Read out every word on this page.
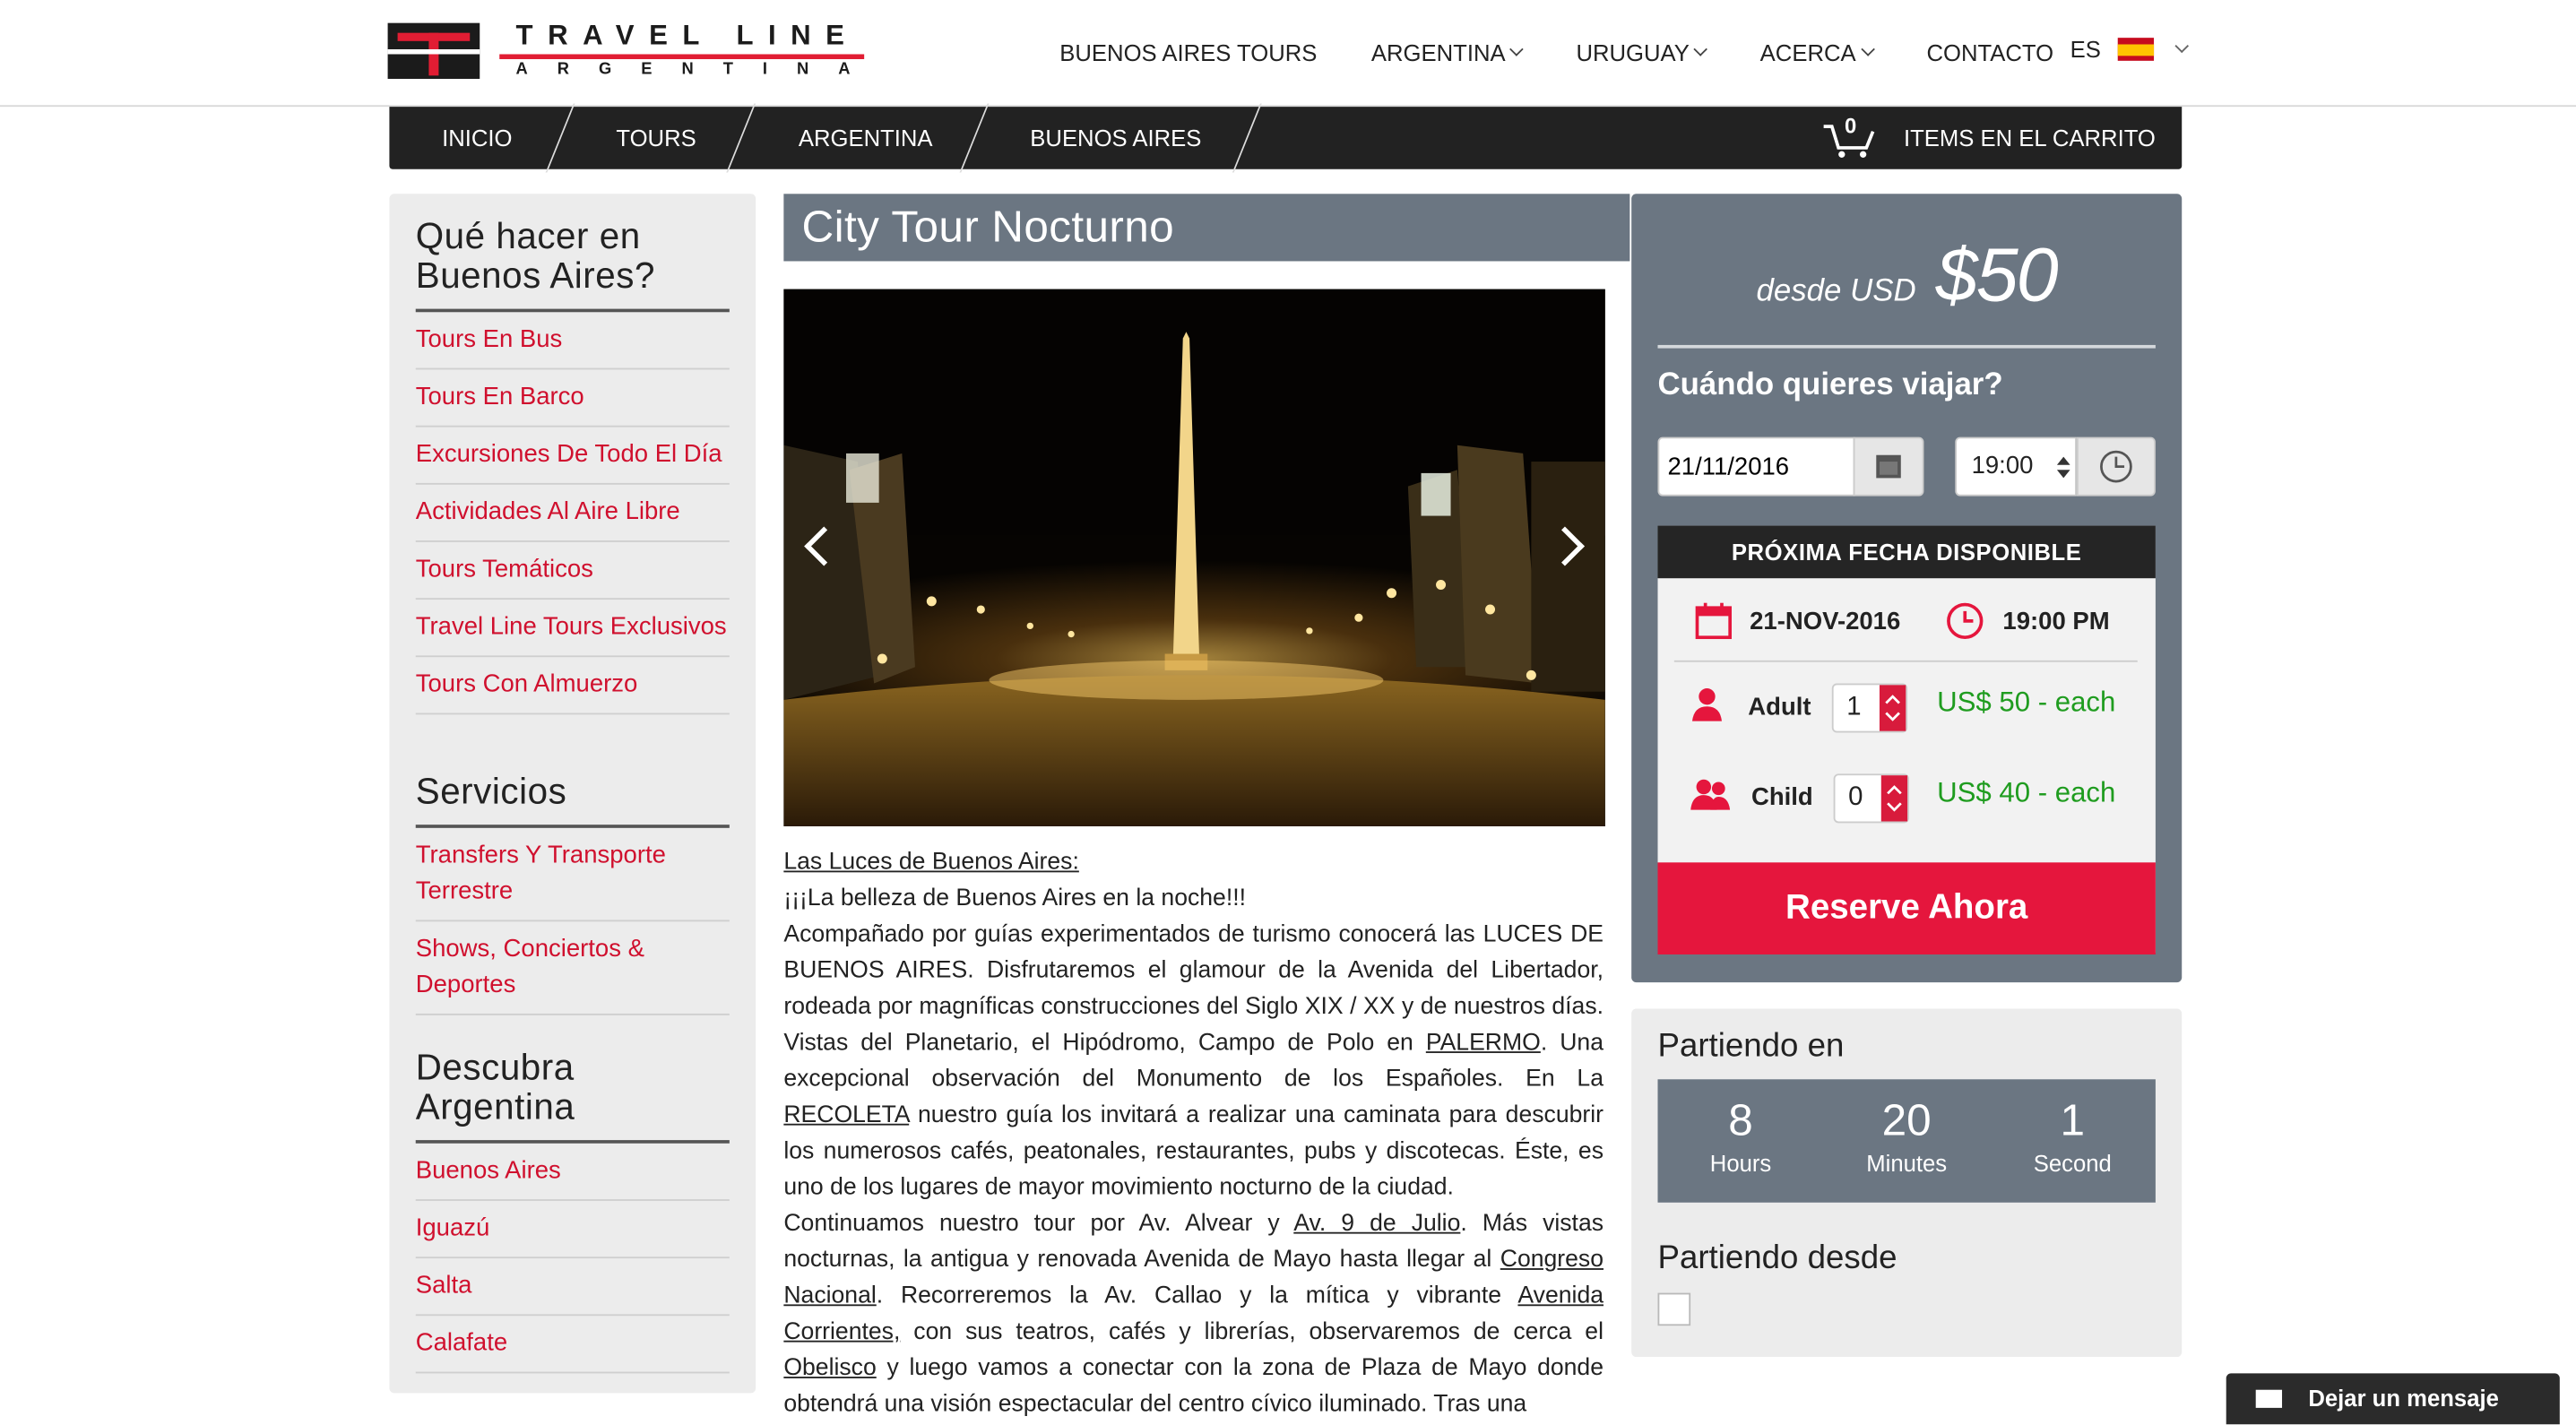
TRAVEL LINE
ARGENTINA
BUENOS AIRES TOURS	ARGENTINA	URUGUAY	ACERCA	CONTACTO ES
INICIO	TOURS	ARGENTINA	BUENOS AIRES	0	ITEMS EN EL CARRITO
Qué hacer en Buenos Aires?
Tours En Bus
Tours En Barco
Excursiones De Todo El Día
Actividades Al Aire Libre
Tours Temáticos
Travel Line Tours Exclusivos
Tours Con Almuerzo
Servicios
Transfers Y Transporte Terrestre
Shows, Conciertos & Deportes
Descubra Argentina
Buenos Aires
Iguazú
Salta
Calafate
City Tour Nocturno
Las Luces de Buenos Aires:
¡¡¡La belleza de Buenos Aires en la noche!!!
Acompañado por guías experimentados de turismo conocerá las LUCES DE BUENOS AIRES. Disfrutaremos el glamour de la Avenida del Libertador, rodeada por magníficas construcciones del Siglo XIX / XX y de nuestros días. Vistas del Planetario, el Hipódromo, Campo de Polo en PALERMO. Una excepcional observación del Monumento de los Españoles. En La RECOLETA nuestro guía los invitará a realizar una caminata para descubrir los numerosos cafés, peatonales, restaurantes, pubs y discotecas. Éste, es uno de los lugares de mayor movimiento nocturno de la ciudad.
Continuamos nuestro tour por Av. Alvear y Av. 9 de Julio. Más vistas nocturnas, la antigua y renovada Avenida de Mayo hasta llegar al Congreso Nacional. Recorreremos la Av. Callao y la mítica y vibrante Avenida Corrientes, con sus teatros, cafés y librerías, observaremos de cerca el Obelisco y luego vamos a conectar con la zona de Plaza de Mayo donde obtendrá una visión espectacular del centro cívico iluminado. Tras una
desde USD $50
Cuándo quieres viajar?
21/11/2016
19:00
PRÓXIMA FECHA DISPONIBLE
21-NOV-2016	19:00 PM
Adult	1	US$ 50 - each
Child	0	US$ 40 - each
Reserve Ahora
Partiendo en
8
Hours
20
Minutes
1
Second
Partiendo desde
Dejar un mensaje
